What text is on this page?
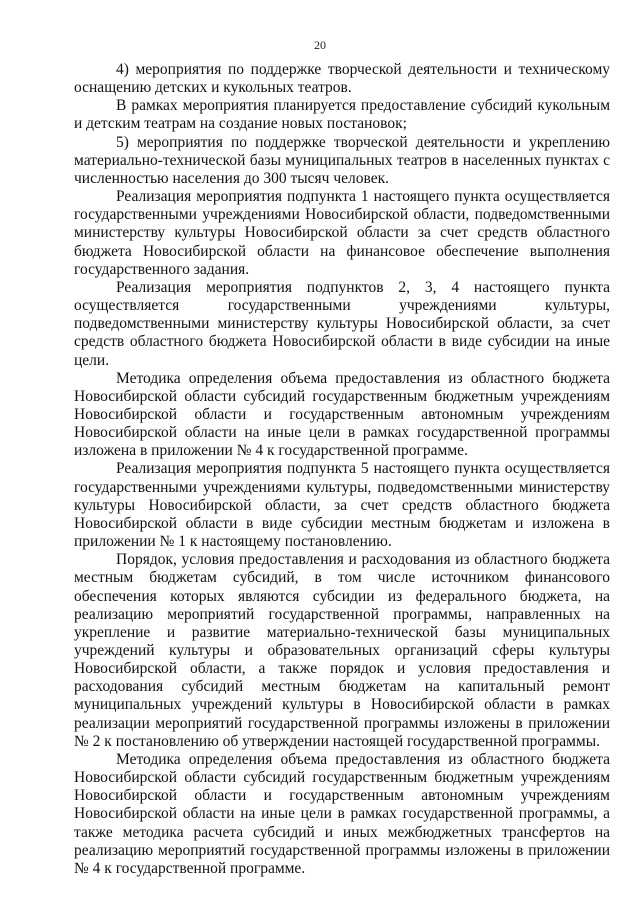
20

4) мероприятия по поддержке творческой деятельности и техническому оснащению детских и кукольных театров.

В рамках мероприятия планируется предоставление субсидий кукольным и детским театрам на создание новых постановок;

5) мероприятия по поддержке творческой деятельности и укреплению материально-технической базы муниципальных театров в населенных пунктах с численностью населения до 300 тысяч человек.

Реализация мероприятия подпункта 1 настоящего пункта осуществляется государственными учреждениями Новосибирской области, подведомственными министерству культуры Новосибирской области за счет средств областного бюджета Новосибирской области на финансовое обеспечение выполнения государственного задания.

Реализация мероприятия подпунктов 2, 3, 4 настоящего пункта осуществляется государственными учреждениями культуры, подведомственными министерству культуры Новосибирской области, за счет средств областного бюджета Новосибирской области в виде субсидии на иные цели.

Методика определения объема предоставления из областного бюджета Новосибирской области субсидий государственным бюджетным учреждениям Новосибирской области и государственным автономным учреждениям Новосибирской области на иные цели в рамках государственной программы изложена в приложении № 4 к государственной программе.

Реализация мероприятия подпункта 5 настоящего пункта осуществляется государственными учреждениями культуры, подведомственными министерству культуры Новосибирской области, за счет средств областного бюджета Новосибирской области в виде субсидии местным бюджетам и изложена в приложении № 1 к настоящему постановлению.

Порядок, условия предоставления и расходования из областного бюджета местным бюджетам субсидий, в том числе источником финансового обеспечения которых являются субсидии из федерального бюджета, на реализацию мероприятий государственной программы, направленных на укрепление и развитие материально-технической базы муниципальных учреждений культуры и образовательных организаций сферы культуры Новосибирской области, а также порядок и условия предоставления и расходования субсидий местным бюджетам на капитальный ремонт муниципальных учреждений культуры в Новосибирской области в рамках реализации мероприятий государственной программы изложены в приложении № 2 к постановлению об утверждении настоящей государственной программы.

Методика определения объема предоставления из областного бюджета Новосибирской области субсидий государственным бюджетным учреждениям Новосибирской области и государственным автономным учреждениям Новосибирской области на иные цели в рамках государственной программы, а также методика расчета субсидий и иных межбюджетных трансфертов на реализацию мероприятий государственной программы изложены в приложении № 4 к государственной программе.
